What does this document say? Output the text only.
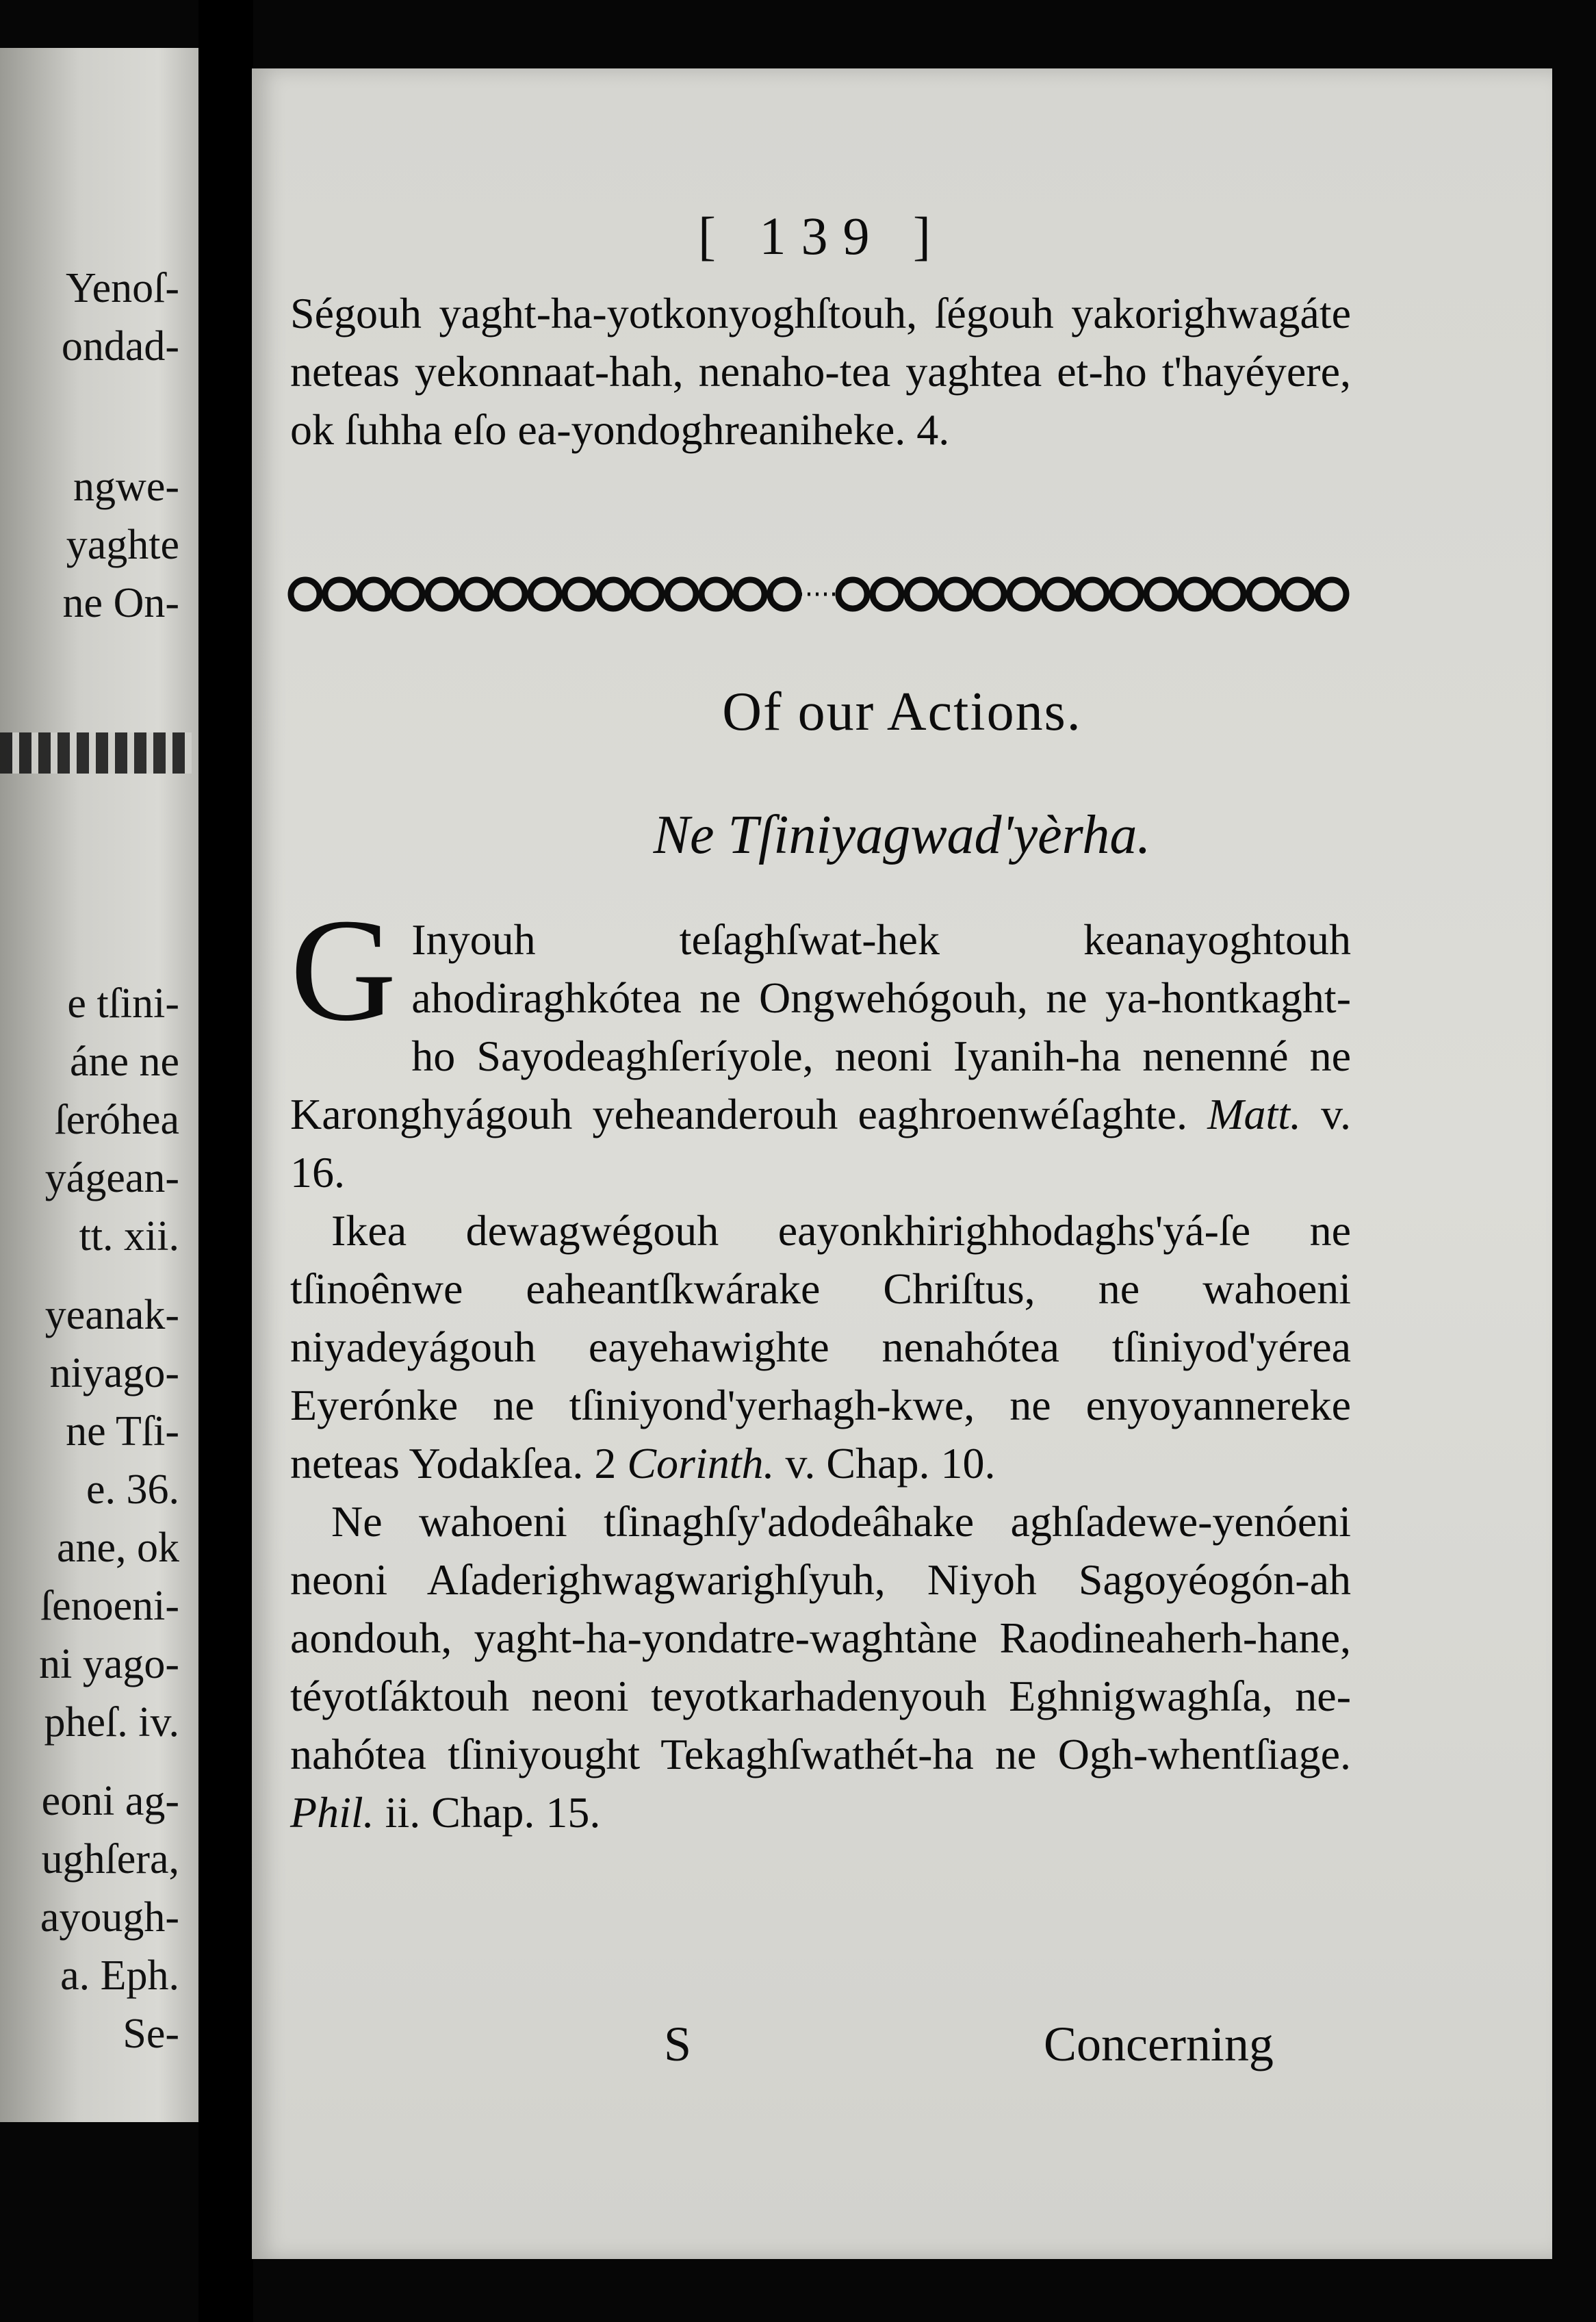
Yenoſ-
ondad-
ngwe-
yaghte
ne On-
e tſini-
áne ne
ſeróhea
yágean-
tt. xii.
yeanak-
niyago-
ne Tſi-
e. 36.
ane, ok
ſenoeni-
ni yago-
pheſ. iv.
eoni ag-
ughſera,
ayough-
a. Eph.
Se-
[ 139 ]

Ségouh yaght-ha-yotkonyoghſtouh, ſégouh yakorighwagáte neteas yekonnaat-hah, nenaho-tea yaghtea et-ho t'hayéyere, ok ſuhha eſo ea-yondoghreaniheke. 4.

Of our Actions.
Ne Tſiniyagwad'yèrha.

G Inyouh teſaghſwat-hek keanayoghtouh ahodiraghkótea ne Ongwehógouh, ne ya-hontkaght-ho Sayodeaghſeríyole, neoni Iyanih-ha nenenné ne Karonghyágouh yeheanderouh eaghroenwéſaghte. Matt. v. 16.

Ikea dewagwégouh eayonkhirighhodaghs'yá-ſe ne tſinoênwe eaheantſkwárake Chriſtus, ne wahoeni niyadeyágouh eayehawighte nenahótea tſiniyod'yérea Eyerónke ne tſiniyond'yerhagh-kwe, ne enyoyannereke neteas Yodakſea. 2 Corinth. v. Chap. 10.

Ne wahoeni tſinaghſy'adodeâhake aghſadewe-yenóeni neoni Aſaderighwagwarighſyuh, Niyoh Sagoyéogón-ah aondouh, yaght-ha-yondatre-waghtàne Raodineaherh-hane, téyotſáktouh neoni teyotkarhadenyouh Eghnigwaghſa, ne-nahótea tſiniyought Tekaghſwathét-ha ne Ogh-whentſiage. Phil. ii. Chap. 15.

S	Concerning
